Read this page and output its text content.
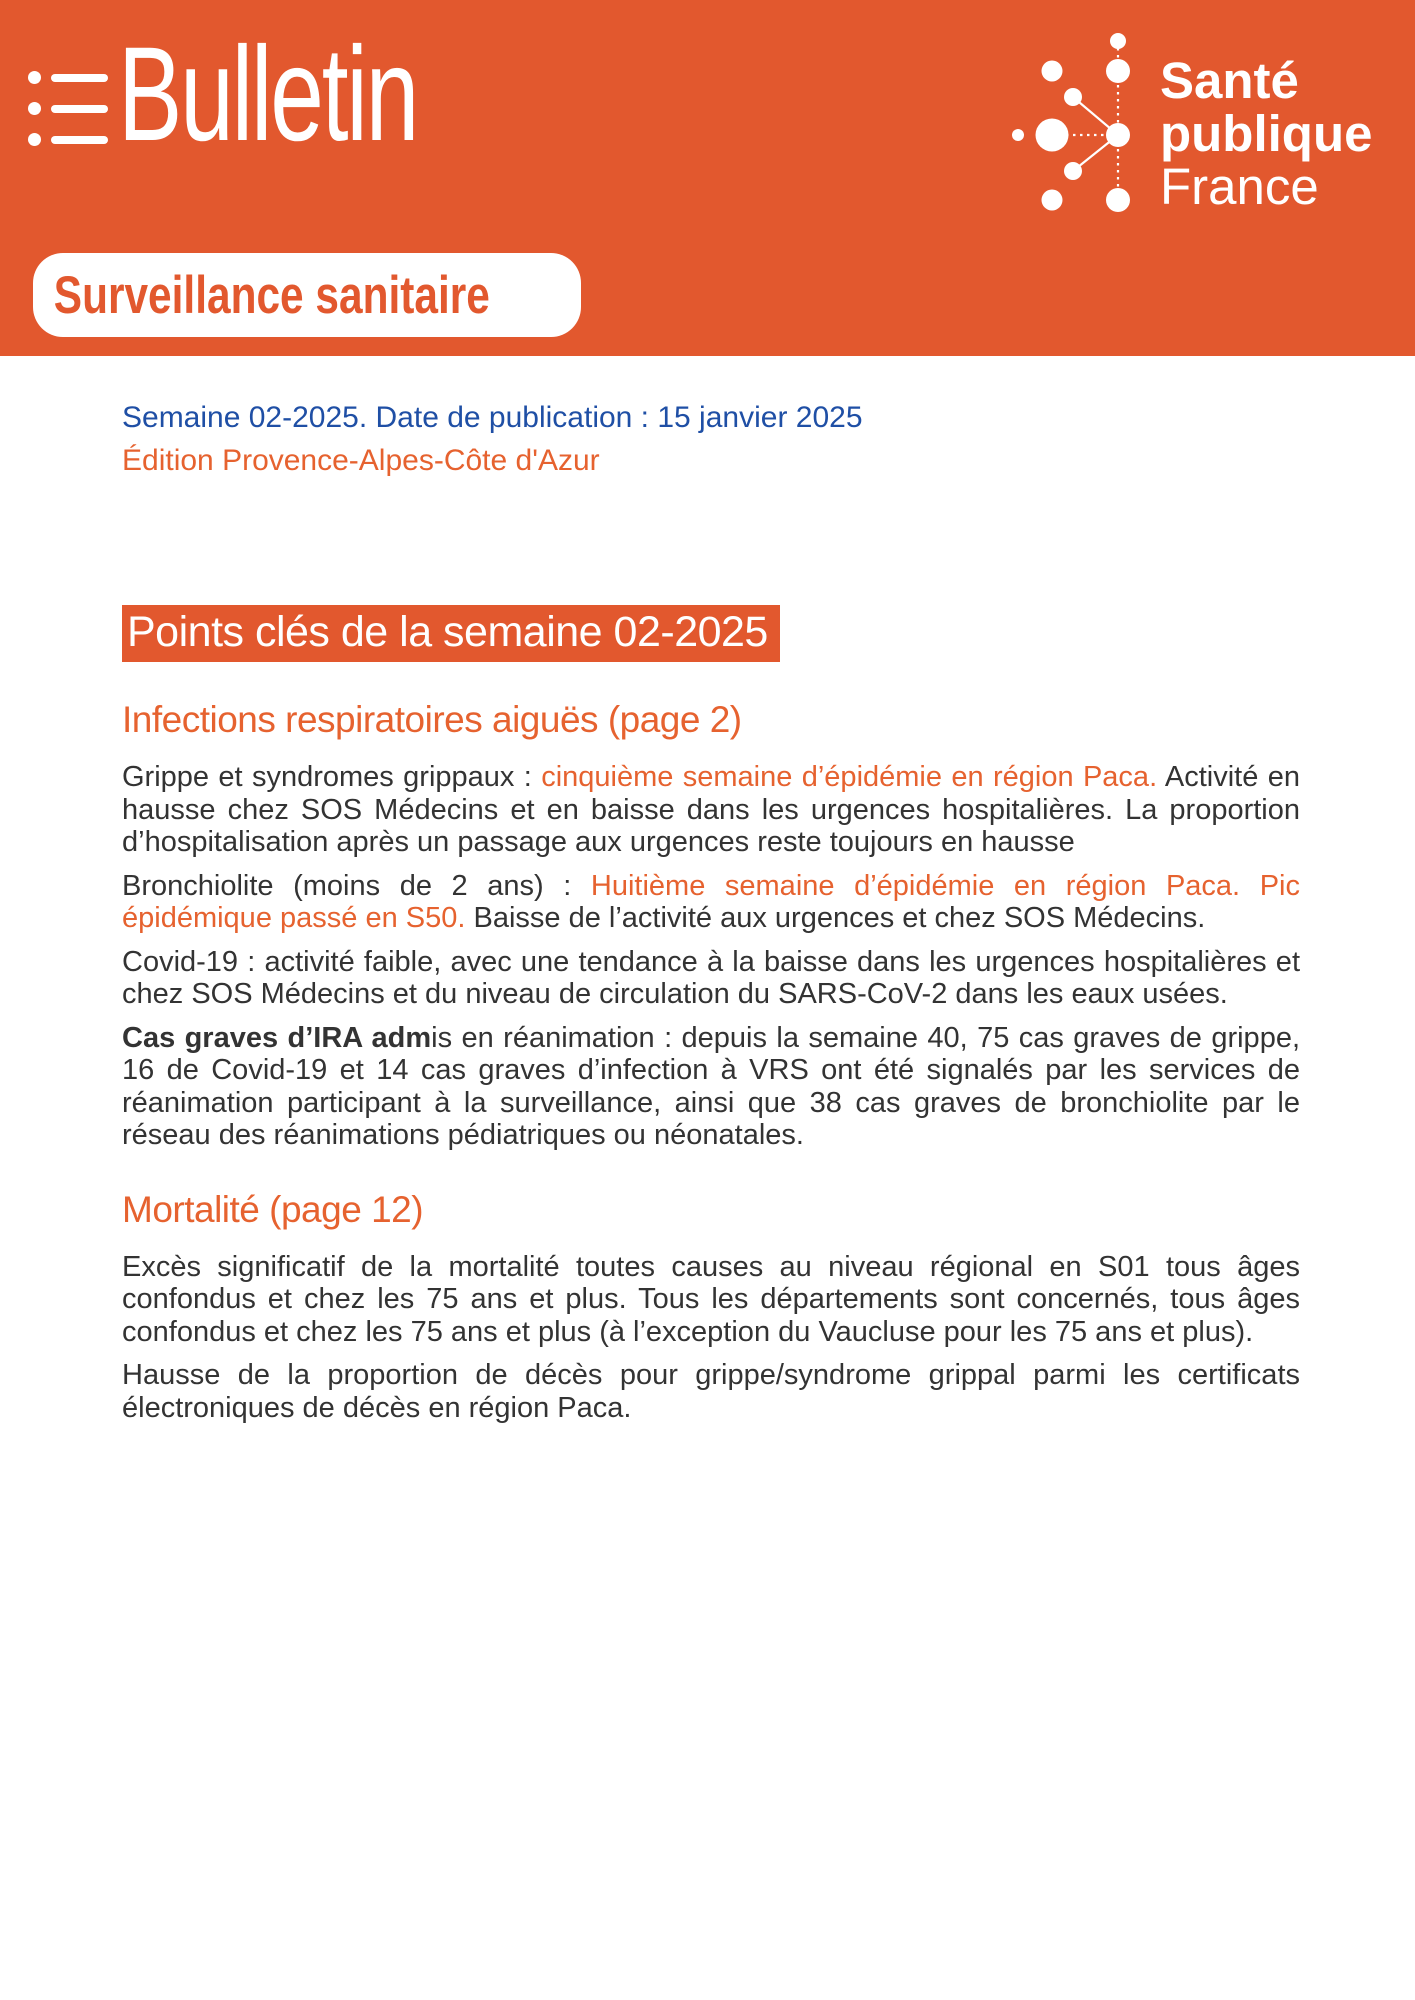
Bulletin	Santé
publique
France
Surveillance sanitaire

Semaine 02-2025. Date de publication : 15 janvier 2025

Édition Provence-Alpes-Côte d'Azur

Points clés de la semaine 02-2025
Infections respiratoires aiguës (page 2)

Grippe et syndromes grippaux : cinquième semaine d’épidémie en région Paca. Activité en hausse chez SOS Médecins et en baisse dans les urgences hospitalières. La proportion d’hospitalisation après un passage aux urgences reste toujours en hausse

Bronchiolite (moins de 2 ans) : Huitième semaine d’épidémie en région Paca. Pic épidémique passé en S50. Baisse de l’activité aux urgences et chez SOS Médecins.

Covid-19 : activité faible, avec une tendance à la baisse dans les urgences hospitalières et chez SOS Médecins et du niveau de circulation du SARS-CoV-2 dans les eaux usées.

Cas graves d’IRA admis en réanimation : depuis la semaine 40, 75 cas graves de grippe, 16 de Covid-19 et 14 cas graves d’infection à VRS ont été signalés par les services de réanimation participant à la surveillance, ainsi que 38 cas graves de bronchiolite par le réseau des réanimations pédiatriques ou néonatales.

Mortalité (page 12)

Excès significatif de la mortalité toutes causes au niveau régional en S01 tous âges confondus et chez les 75 ans et plus. Tous les départements sont concernés, tous âges confondus et chez les 75 ans et plus (à l’exception du Vaucluse pour les 75 ans et plus).

Hausse de la proportion de décès pour grippe/syndrome grippal parmi les certificats électroniques de décès en région Paca.
